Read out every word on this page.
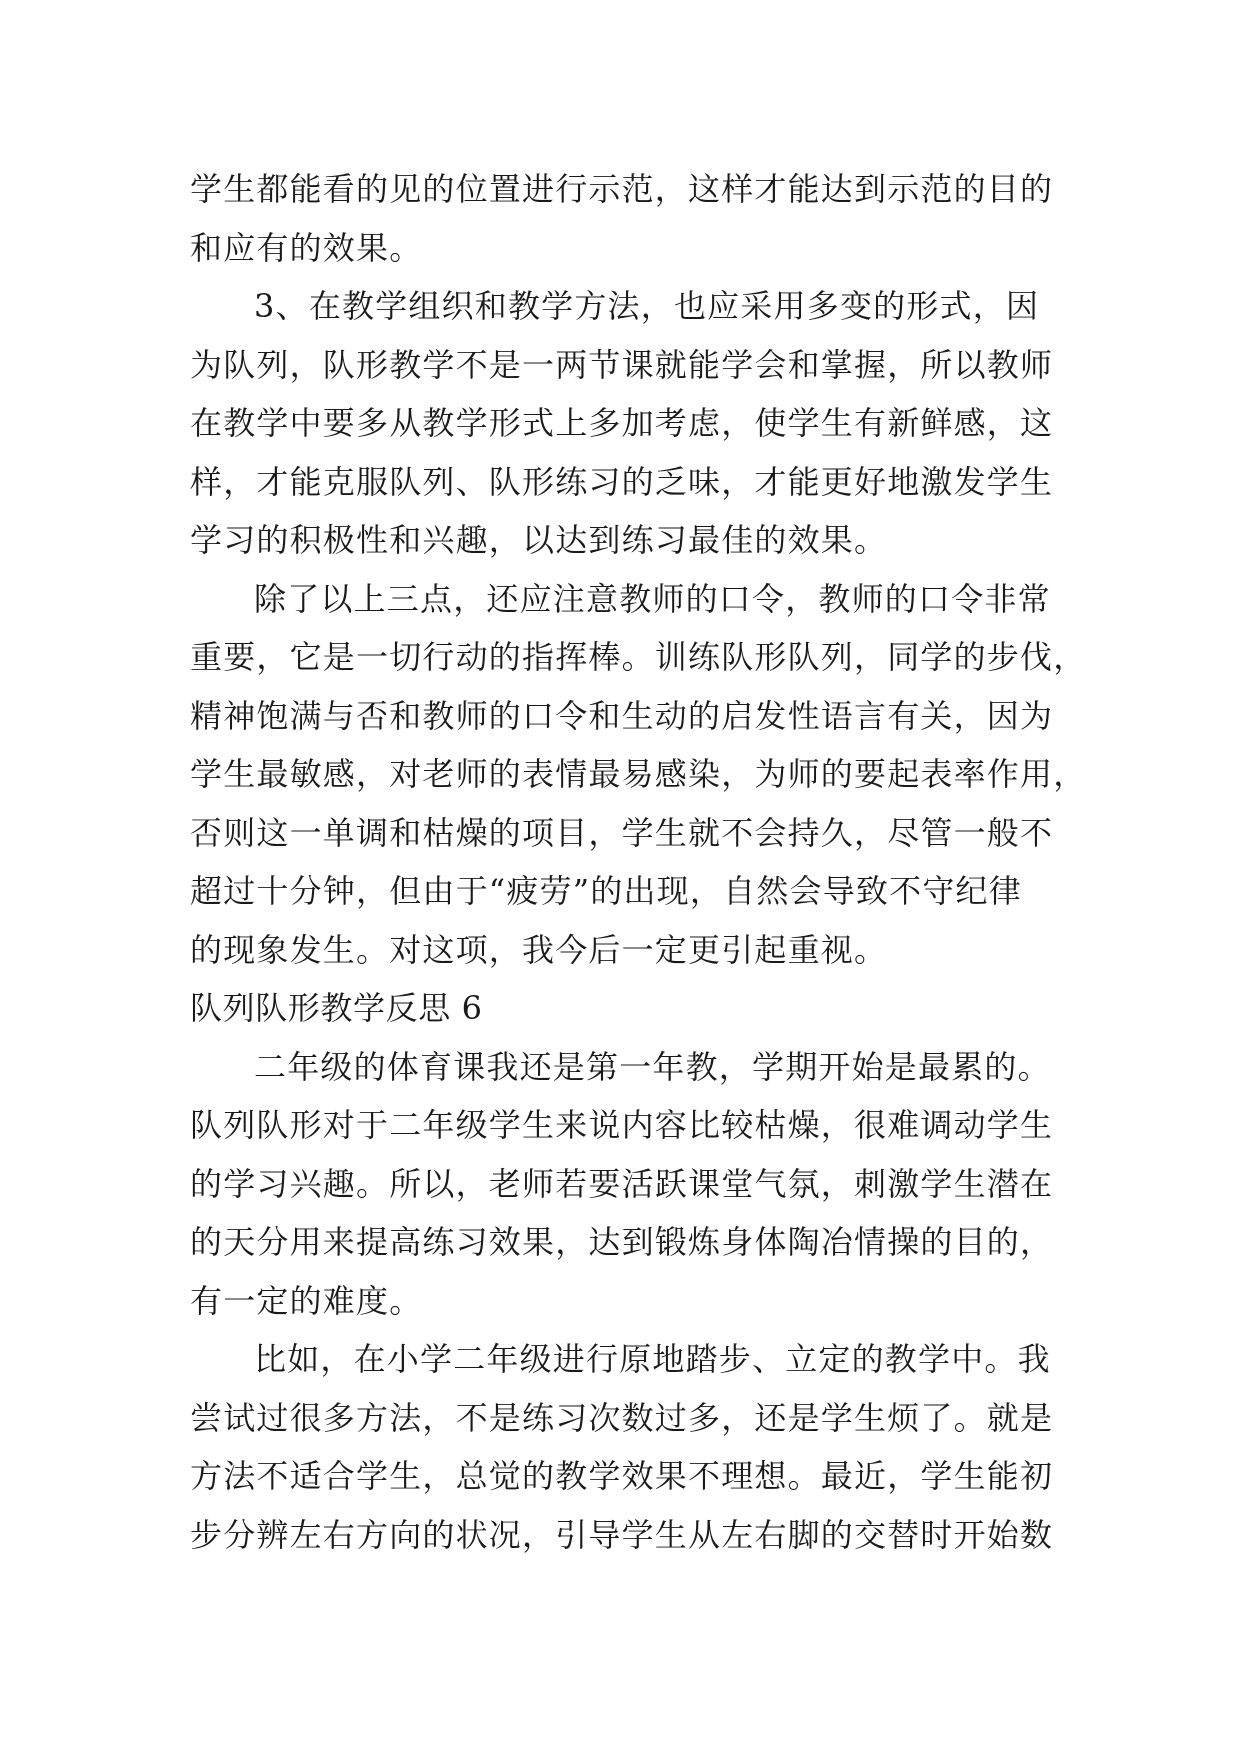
学生都能看的见的位置进行示范，这样才能达到示范的目的
和应有的效果。
3、在教学组织和教学方法，也应采用多变的形式，因
为队列，队形教学不是一两节课就能学会和掌握，所以教师
在教学中要多从教学形式上多加考虑，使学生有新鲜感，这
样，才能克服队列、队形练习的乏味，才能更好地激发学生
学习的积极性和兴趣，以达到练习最佳的效果。
除了以上三点，还应注意教师的口令，教师的口令非常
重要，它是一切行动的指挥棒。训练队形队列，同学的步伐，
精神饱满与否和教师的口令和生动的启发性语言有关，因为
学生最敏感，对老师的表情最易感染，为师的要起表率作用，
否则这一单调和枯燥的项目，学生就不会持久，尽管一般不
超过十分钟，但由于“疲劳”的出现，自然会导致不守纪律
的现象发生。对这项，我今后一定更引起重视。
队列队形教学反思 6
二年级的体育课我还是第一年教，学期开始是最累的。
队列队形对于二年级学生来说内容比较枯燥，很难调动学生
的学习兴趣。所以，老师若要活跃课堂气氛，刺激学生潜在
的天分用来提高练习效果，达到锻炼身体陶冶情操的目的，
有一定的难度。
比如，在小学二年级进行原地踏步、立定的教学中。我
尝试过很多方法，不是练习次数过多，还是学生烦了。就是
方法不适合学生，总觉的教学效果不理想。最近，学生能初
步分辨左右方向的状况，引导学生从左右脚的交替时开始数
